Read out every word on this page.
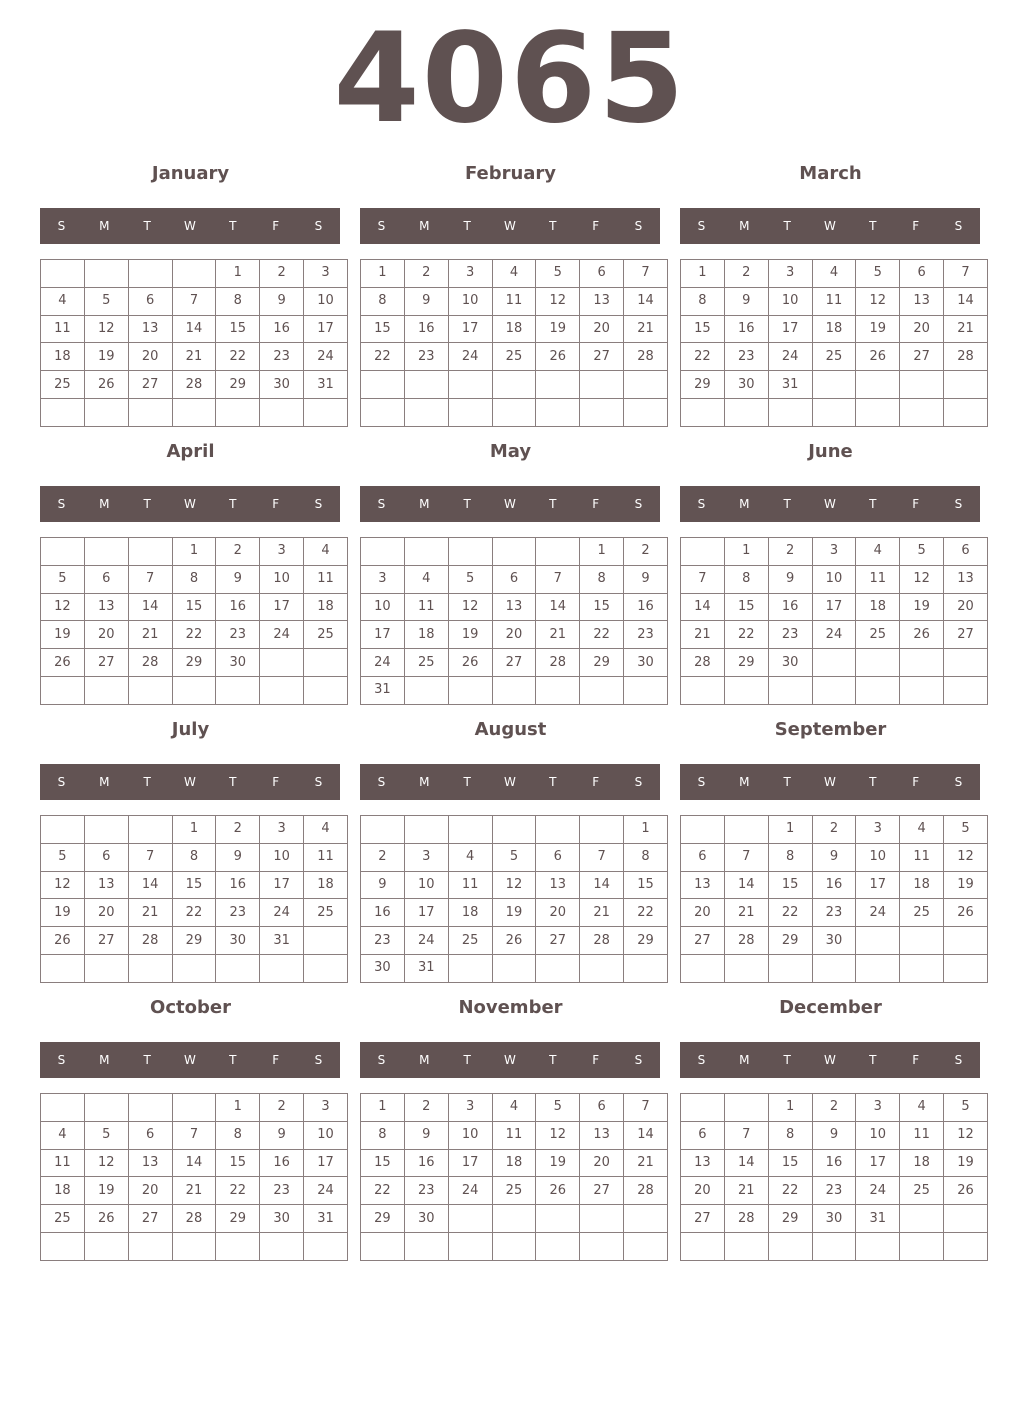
4065
January
S	M	T	W	T	F	S
				1	2	3
4	5	6	7	8	9	10
11	12	13	14	15	16	17
18	19	20	21	22	23	24
25	26	27	28	29	30	31

February
S	M	T	W	T	F	S
1	2	3	4	5	6	7
8	9	10	11	12	13	14
15	16	17	18	19	20	21
22	23	24	25	26	27	28

March
S	M	T	W	T	F	S
1	2	3	4	5	6	7
8	9	10	11	12	13	14
15	16	17	18	19	20	21
22	23	24	25	26	27	28
29	30	31				

April
S	M	T	W	T	F	S
			1	2	3	4
5	6	7	8	9	10	11
12	13	14	15	16	17	18
19	20	21	22	23	24	25
26	27	28	29	30		

May
S	M	T	W	T	F	S
					1	2
3	4	5	6	7	8	9
10	11	12	13	14	15	16
17	18	19	20	21	22	23
24	25	26	27	28	29	30
31						
June
S	M	T	W	T	F	S
	1	2	3	4	5	6
7	8	9	10	11	12	13
14	15	16	17	18	19	20
21	22	23	24	25	26	27
28	29	30				

July
S	M	T	W	T	F	S
			1	2	3	4
5	6	7	8	9	10	11
12	13	14	15	16	17	18
19	20	21	22	23	24	25
26	27	28	29	30	31	

August
S	M	T	W	T	F	S
						1
2	3	4	5	6	7	8
9	10	11	12	13	14	15
16	17	18	19	20	21	22
23	24	25	26	27	28	29
30	31					
September
S	M	T	W	T	F	S
		1	2	3	4	5
6	7	8	9	10	11	12
13	14	15	16	17	18	19
20	21	22	23	24	25	26
27	28	29	30			

October
S	M	T	W	T	F	S
				1	2	3
4	5	6	7	8	9	10
11	12	13	14	15	16	17
18	19	20	21	22	23	24
25	26	27	28	29	30	31

November
S	M	T	W	T	F	S
1	2	3	4	5	6	7
8	9	10	11	12	13	14
15	16	17	18	19	20	21
22	23	24	25	26	27	28
29	30					

December
S	M	T	W	T	F	S
		1	2	3	4	5
6	7	8	9	10	11	12
13	14	15	16	17	18	19
20	21	22	23	24	25	26
27	28	29	30	31		
